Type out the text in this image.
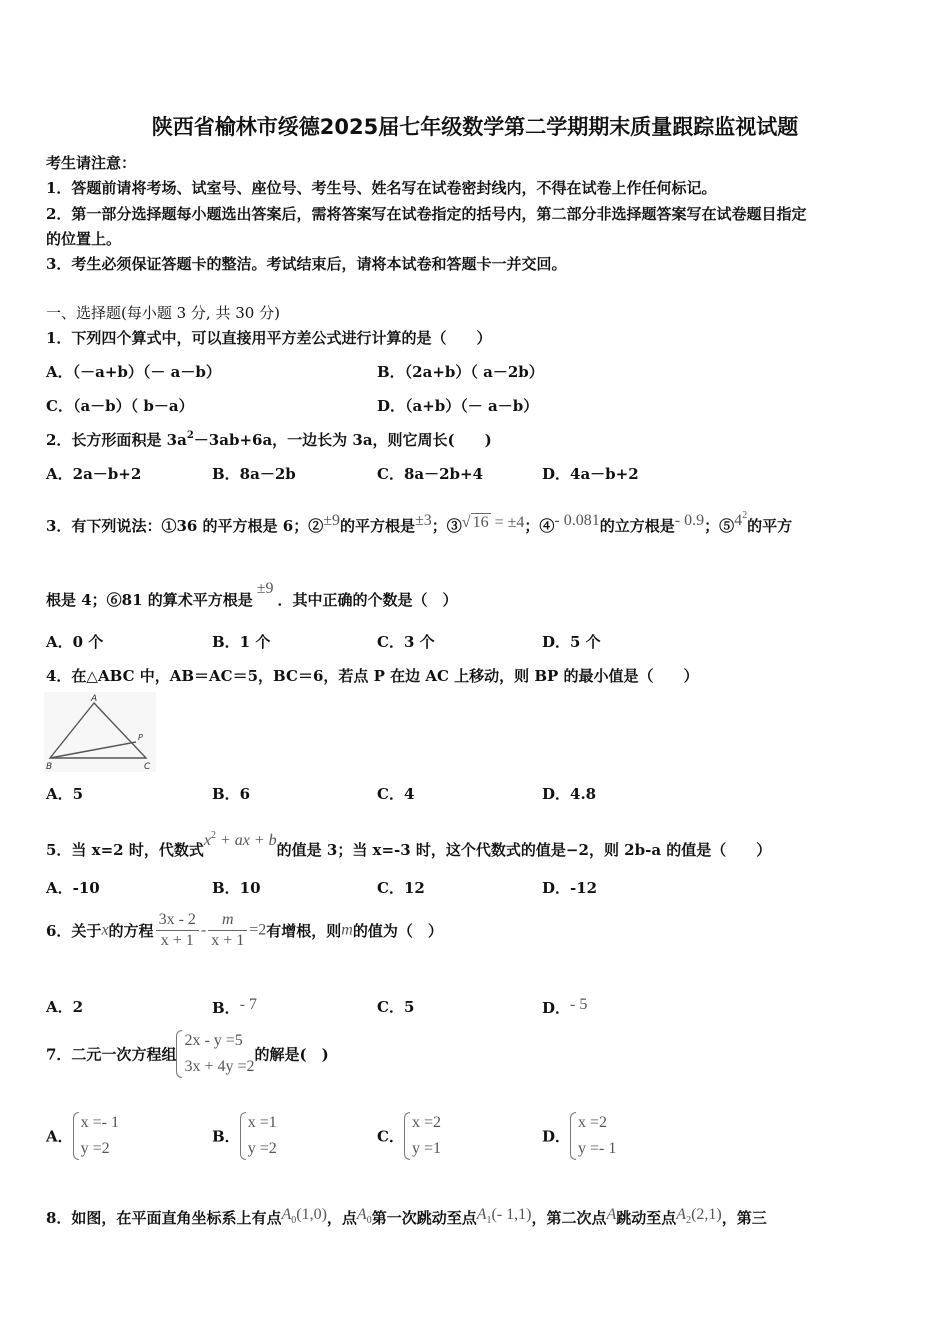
陕西省榆林市绥德2025届七年级数学第二学期期末质量跟踪监视试题
考生请注意：
1．答题前请将考场、试室号、座位号、考生号、姓名写在试卷密封线内，不得在试卷上作任何标记。
2．第一部分选择题每小题选出答案后，需将答案写在试卷指定的括号内，第二部分非选择题答案写在试卷题目指定
的位置上。
3．考生必须保证答题卡的整洁。考试结束后，请将本试卷和答题卡一并交回。
一、选择题(每小题 3 分, 共 30 分)
1．下列四个算式中，可以直接用平方差公式进行计算的是（　　）
A．（－a+b）（－ a－b）	B．（2a+b）（ a－2b）
C．（a－b）（ b－a）	D．（a+b）（－ a－b）
2．长方形面积是 $3a^2-3ab+6a$，一边长为 3a，则它周长(　　)
A．2a－b+2	B．8a－2b	C．8a－2b+4	D．4a－b+2
3．有下列说法：①36 的平方根是 6；②±9的平方根是±3；③√ 16 = ±4；④- 0.081的立方根是- 0.9；$⑤4^2$的平方
根是 4；⑥81 的算术平方根是±9．其中正确的个数是（　）
A．0 个	B．1 个	C．3 个	D．5 个
4．在△ABC 中，AB＝AC＝5，BC＝6，若点 P 在边 AC 上移动，则 BP 的最小值是（　　）
A
B	C
P
A．5	B．6	C．4	D．4.8
5．当 x=2 时，代数式$x^2$ + ax + b的值是 3；当 x=-3 时，这个代数式的值是−2，则 2b-a 的值是（　　）
A．-10	B．10	C．12	D．-12
6．关于x的方程 $\frac{3x - 2}{x + 1} - \frac{m}{x + 1} =2$有增根，则m的值为（　）
A．2	B．- 7	C．5	D．- 5
7．二元一次方程组
2x - y =5
3x + 4y =2
的解是(　)
A．
x =- 1
y =2
B．
x =1
y =2
C．
x =2
y =1
D．
x =2
y =- 1
8．如图，在平面直角坐标系上有点$A_0(1,0)$，点$A_0$第一次跳动至点$A_1(-$ 1,1)，第二次点A跳动至点$A_2(2,1)$，第三
